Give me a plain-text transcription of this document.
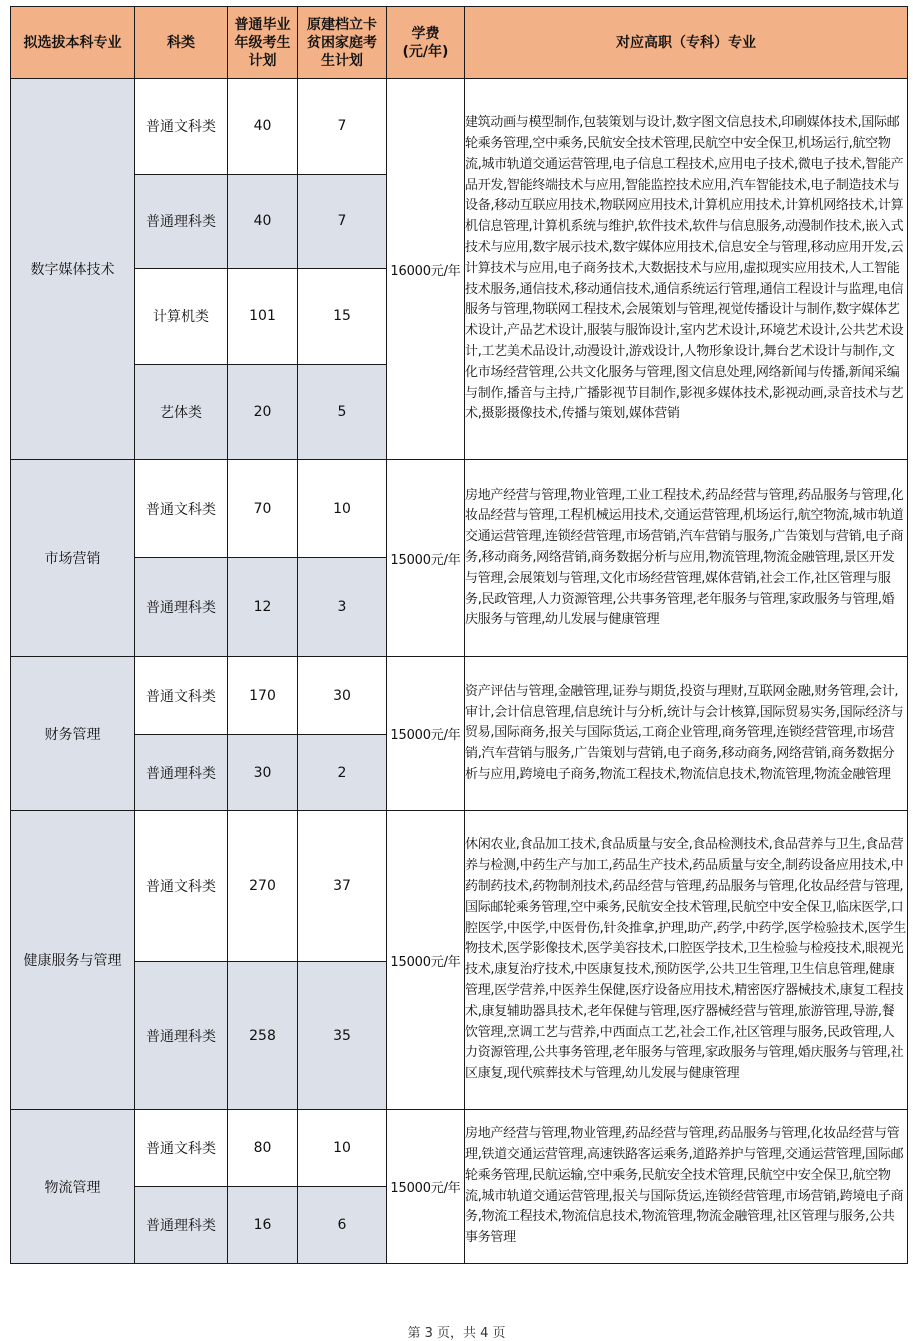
拟选拔本科专业	科类	普通毕业年级考生计划	原建档立卡贫困家庭考生计划	学费(元/年)	对应高职（专科）专业
数字媒体技术	普通文科类	40	7	16000元/年	建筑动画与模型制作,包装策划与设计,数字图文信息技术,印刷媒体技术,国际邮轮乘务管理,空中乘务,民航安全技术管理,民航空中安全保卫,机场运行,航空物流,城市轨道交通运营管理,电子信息工程技术,应用电子技术,微电子技术,智能产品开发,智能终端技术与应用,智能监控技术应用,汽车智能技术,电子制造技术与设备,移动互联应用技术,物联网应用技术,计算机应用技术,计算机网络技术,计算机信息管理,计算机系统与维护,软件技术,软件与信息服务,动漫制作技术,嵌入式技术与应用,数字展示技术,数字媒体应用技术,信息安全与管理,移动应用开发,云计算技术与应用,电子商务技术,大数据技术与应用,虚拟现实应用技术,人工智能技术服务,通信技术,移动通信技术,通信系统运行管理,通信工程设计与监理,电信服务与管理,物联网工程技术,会展策划与管理,视觉传播设计与制作,数字媒体艺术设计,产品艺术设计,服装与服饰设计,室内艺术设计,环境艺术设计,公共艺术设计,工艺美术品设计,动漫设计,游戏设计,人物形象设计,舞台艺术设计与制作,文化市场经营管理,公共文化服务与管理,图文信息处理,网络新闻与传播,新闻采编与制作,播音与主持,广播影视节目制作,影视多媒体技术,影视动画,录音技术与艺术,摄影摄像技术,传播与策划,媒体营销
	普通理科类	40	7		
	计算机类	101	15		
	艺体类	20	5		
市场营销	普通文科类	70	10	15000元/年	房地产经营与管理,物业管理,工业工程技术,药品经营与管理,药品服务与管理,化妆品经营与管理,工程机械运用技术,交通运营管理,机场运行,航空物流,城市轨道交通运营管理,连锁经营管理,市场营销,汽车营销与服务,广告策划与营销,电子商务,移动商务,网络营销,商务数据分析与应用,物流管理,物流金融管理,景区开发与管理,会展策划与管理,文化市场经营管理,媒体营销,社会工作,社区管理与服务,民政管理,人力资源管理,公共事务管理,老年服务与管理,家政服务与管理,婚庆服务与管理,幼儿发展与健康管理
	普通理科类	12	3		
财务管理	普通文科类	170	30	15000元/年	资产评估与管理,金融管理,证券与期货,投资与理财,互联网金融,财务管理,会计,审计,会计信息管理,信息统计与分析,统计与会计核算,国际贸易实务,国际经济与贸易,国际商务,报关与国际货运,工商企业管理,商务管理,连锁经营管理,市场营销,汽车营销与服务,广告策划与营销,电子商务,移动商务,网络营销,商务数据分析与应用,跨境电子商务,物流工程技术,物流信息技术,物流管理,物流金融管理
	普通理科类	30	2		
健康服务与管理	普通文科类	270	37	15000元/年	休闲农业,食品加工技术,食品质量与安全,食品检测技术,食品营养与卫生,食品营养与检测,中药生产与加工,药品生产技术,药品质量与安全,制药设备应用技术,中药制药技术,药物制剂技术,药品经营与管理,药品服务与管理,化妆品经营与管理,国际邮轮乘务管理,空中乘务,民航安全技术管理,民航空中安全保卫,临床医学,口腔医学,中医学,中医骨伤,针灸推拿,护理,助产,药学,中药学,医学检验技术,医学生物技术,医学影像技术,医学美容技术,口腔医学技术,卫生检验与检疫技术,眼视光技术,康复治疗技术,中医康复技术,预防医学,公共卫生管理,卫生信息管理,健康管理,医学营养,中医养生保健,医疗设备应用技术,精密医疗器械技术,康复工程技术,康复辅助器具技术,老年保健与管理,医疗器械经营与管理,旅游管理,导游,餐饮管理,烹调工艺与营养,中西面点工艺,社会工作,社区管理与服务,民政管理,人力资源管理,公共事务管理,老年服务与管理,家政服务与管理,婚庆服务与管理,社区康复,现代殡葬技术与管理,幼儿发展与健康管理
	普通理科类	258	35		
物流管理	普通文科类	80	10	15000元/年	房地产经营与管理,物业管理,药品经营与管理,药品服务与管理,化妆品经营与管理,铁道交通运营管理,高速铁路客运乘务,道路养护与管理,交通运营管理,国际邮轮乘务管理,民航运输,空中乘务,民航安全技术管理,民航空中安全保卫,航空物流,城市轨道交通运营管理,报关与国际货运,连锁经营管理,市场营销,跨境电子商务,物流工程技术,物流信息技术,物流管理,物流金融管理,社区管理与服务,公共事务管理
	普通理科类	16	6		
第 3 页，共 4 页
